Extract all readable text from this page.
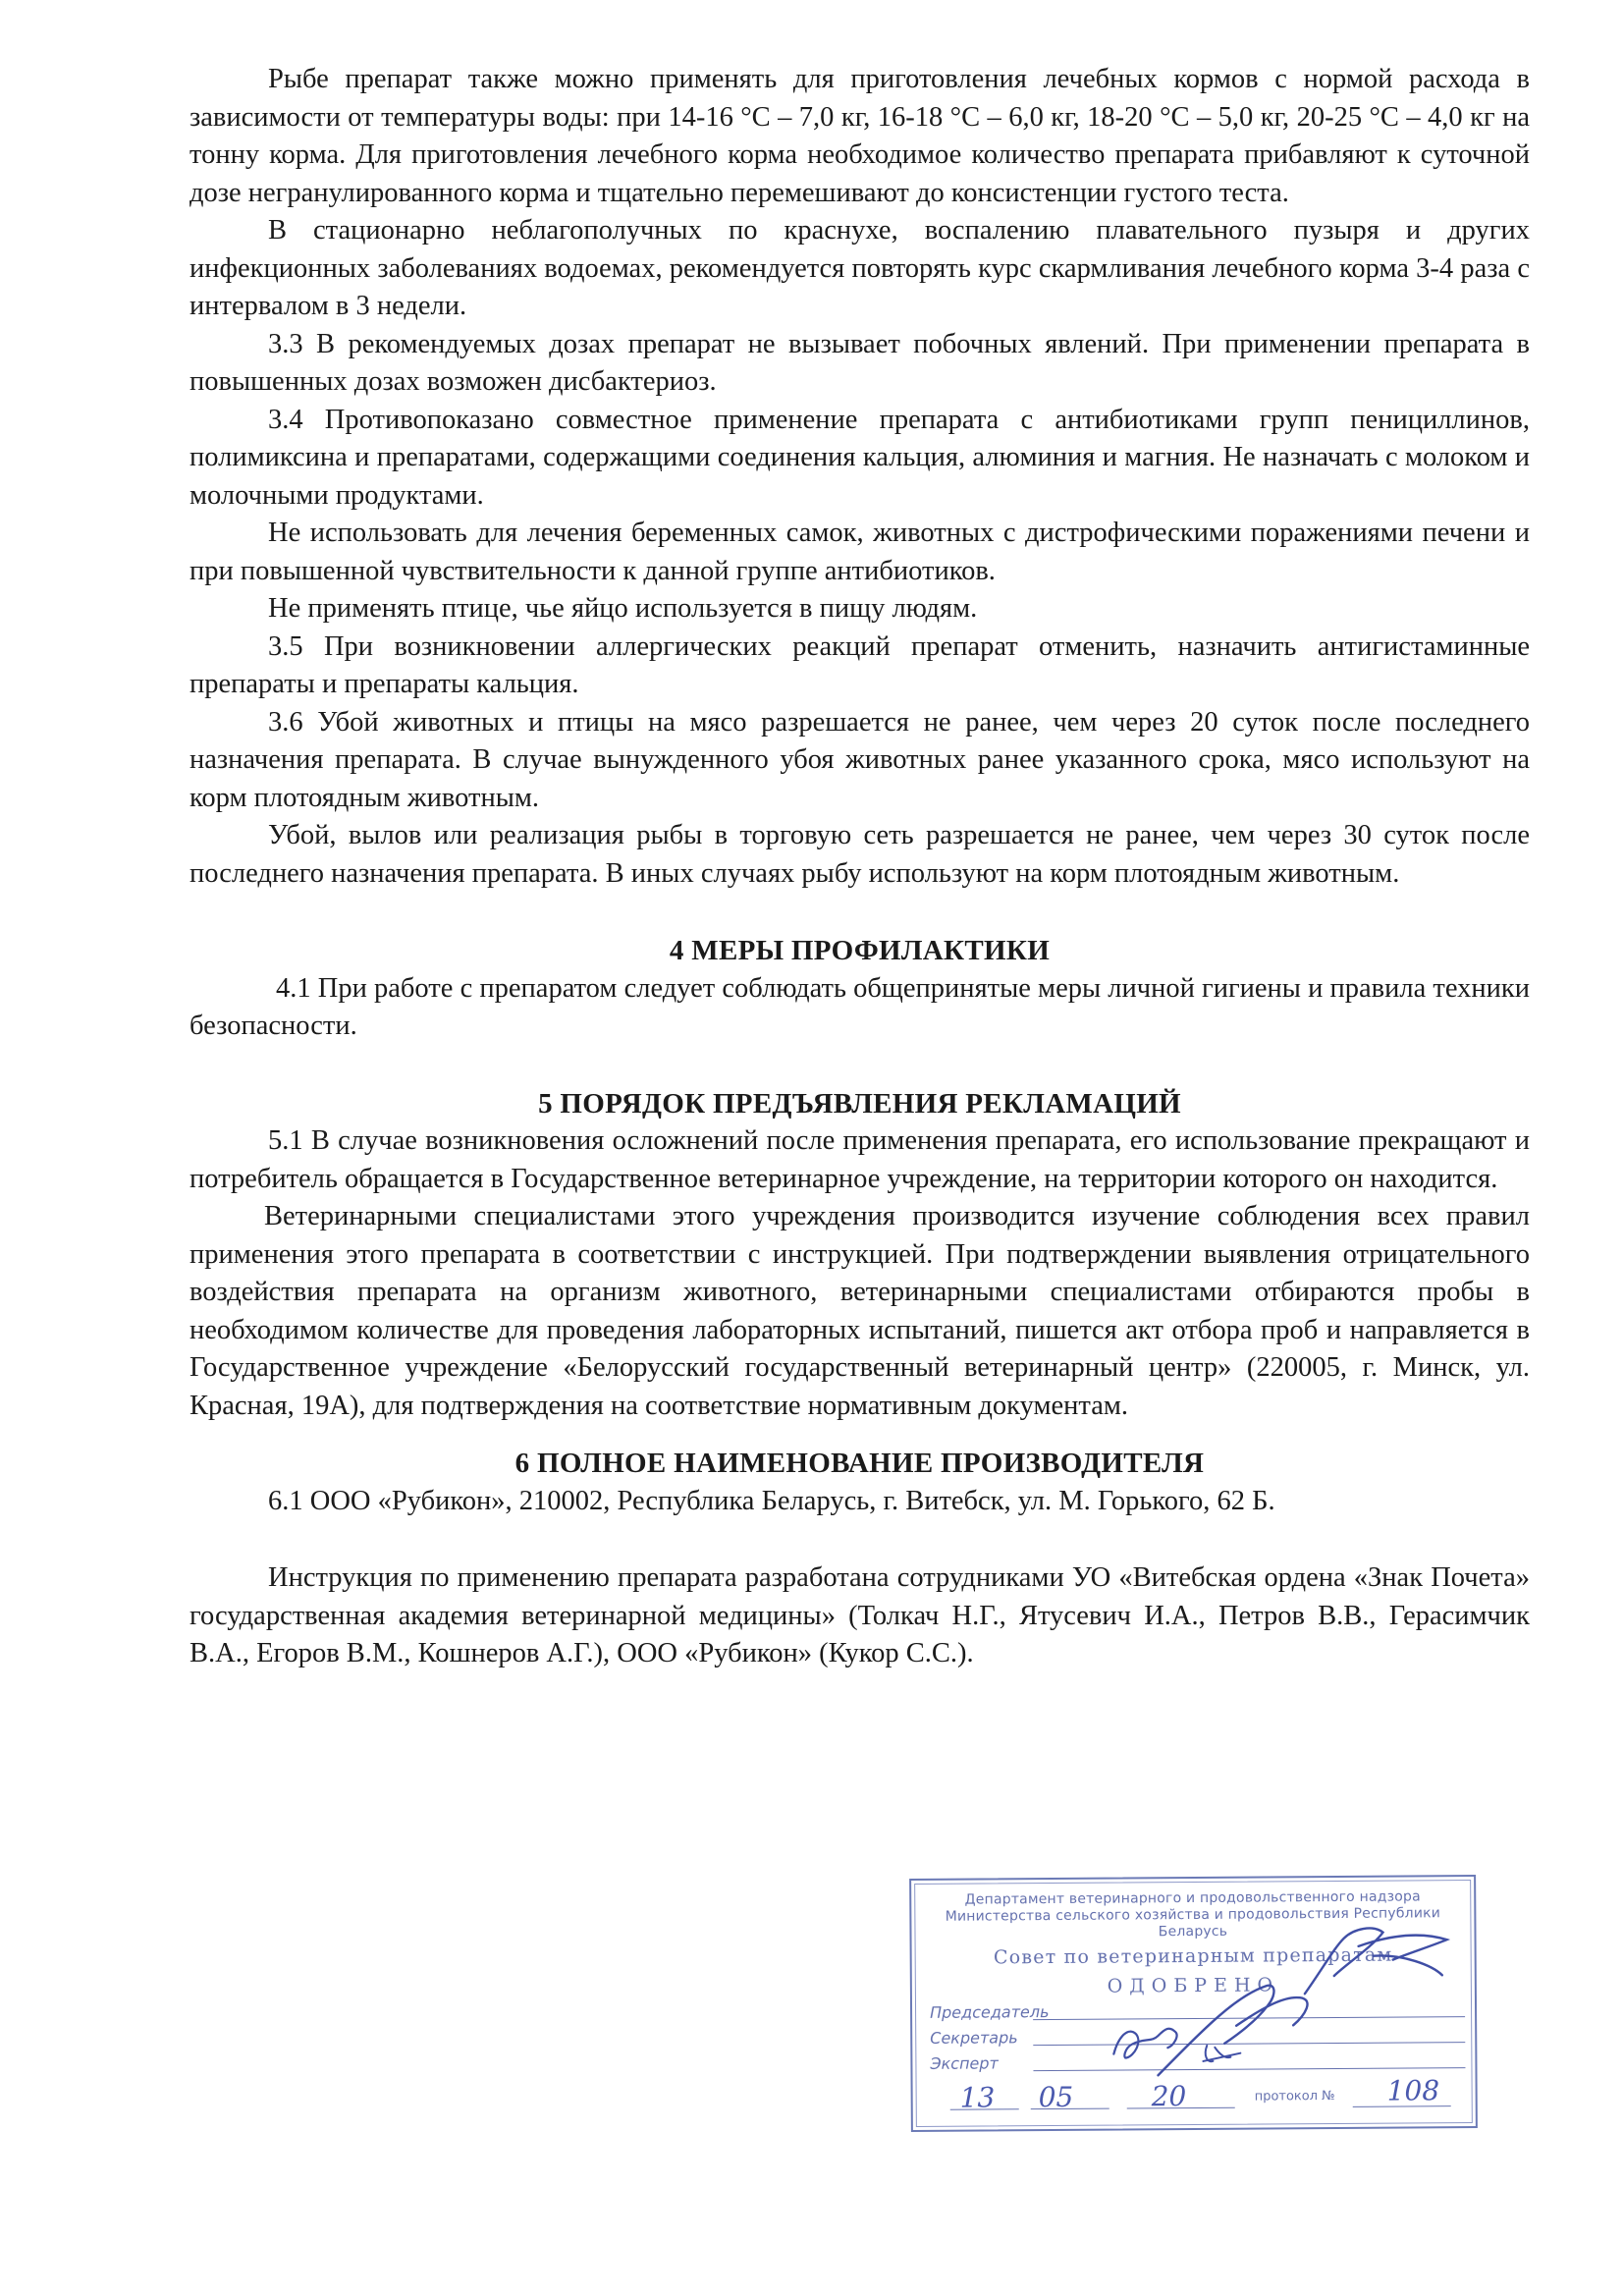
Рыбе препарат также можно применять для приготовления лечебных кормов с нормой расхода в зависимости от температуры воды: при 14-16 °С – 7,0 кг, 16-18 °С – 6,0 кг, 18-20 °С – 5,0 кг, 20-25 °С – 4,0 кг на тонну корма. Для приготовления лечебного корма необходимое количество препарата прибавляют к суточной дозе негранулированного корма и тщательно перемешивают до консистенции густого теста.

В стационарно неблагополучных по краснухе, воспалению плавательного пузыря и других инфекционных заболеваниях водоемах, рекомендуется повторять курс скармливания лечебного корма 3-4 раза с интервалом в 3 недели.

3.3 В рекомендуемых дозах препарат не вызывает побочных явлений. При применении препарата в повышенных дозах возможен дисбактериоз.

3.4 Противопоказано совместное применение препарата с антибиотиками групп пенициллинов, полимиксина и препаратами, содержащими соединения кальция, алюминия и магния. Не назначать с молоком и молочными продуктами.

Не использовать для лечения беременных самок, животных с дистрофическими поражениями печени и при повышенной чувствительности к данной группе антибиотиков.

Не применять птице, чье яйцо используется в пищу людям.

3.5 При возникновении аллергических реакций препарат отменить, назначить антигистаминные препараты и препараты кальция.

3.6 Убой животных и птицы на мясо разрешается не ранее, чем через 20 суток после последнего назначения препарата. В случае вынужденного убоя животных ранее указанного срока, мясо используют на корм плотоядным животным.

Убой, вылов или реализация рыбы в торговую сеть разрешается не ранее, чем через 30 суток после последнего назначения препарата. В иных случаях рыбу используют на корм плотоядным животным.

4 МЕРЫ ПРОФИЛАКТИКИ

4.1 При работе с препаратом следует соблюдать общепринятые меры личной гигиены и правила техники безопасности.

5 ПОРЯДОК ПРЕДЪЯВЛЕНИЯ РЕКЛАМАЦИЙ

5.1 В случае возникновения осложнений после применения препарата, его использование прекращают и потребитель обращается в Государственное ветеринарное учреждение, на территории которого он находится.

Ветеринарными специалистами этого учреждения производится изучение соблюдения всех правил применения этого препарата в соответствии с инструкцией. При подтверждении выявления отрицательного воздействия препарата на организм животного, ветеринарными специалистами отбираются пробы в необходимом количестве для проведения лабораторных испытаний, пишется акт отбора проб и направляется в Государственное учреждение «Белорусский государственный ветеринарный центр» (220005, г. Минск, ул. Красная, 19А), для подтверждения на соответствие нормативным документам.

6 ПОЛНОЕ НАИМЕНОВАНИЕ ПРОИЗВОДИТЕЛЯ

6.1 ООО «Рубикон», 210002, Республика Беларусь, г. Витебск, ул. М. Горького, 62 Б.

Инструкция по применению препарата разработана сотрудниками УО «Витебская ордена «Знак Почета» государственная академия ветеринарной медицины» (Толкач Н.Г., Ятусевич И.А., Петров В.В., Герасимчик В.А., Егоров В.М., Кошнеров А.Г.), ООО «Рубикон» (Кукор С.С.).

Департамент ветеринарного и продовольственного надзора Министерства сельского хозяйства и продовольствия Республики Беларусь
Совет по ветеринарным препаратам
ОДОБРЕНО
Председатель
Секретарь
Эксперт
13 05	20	протокол № 108
